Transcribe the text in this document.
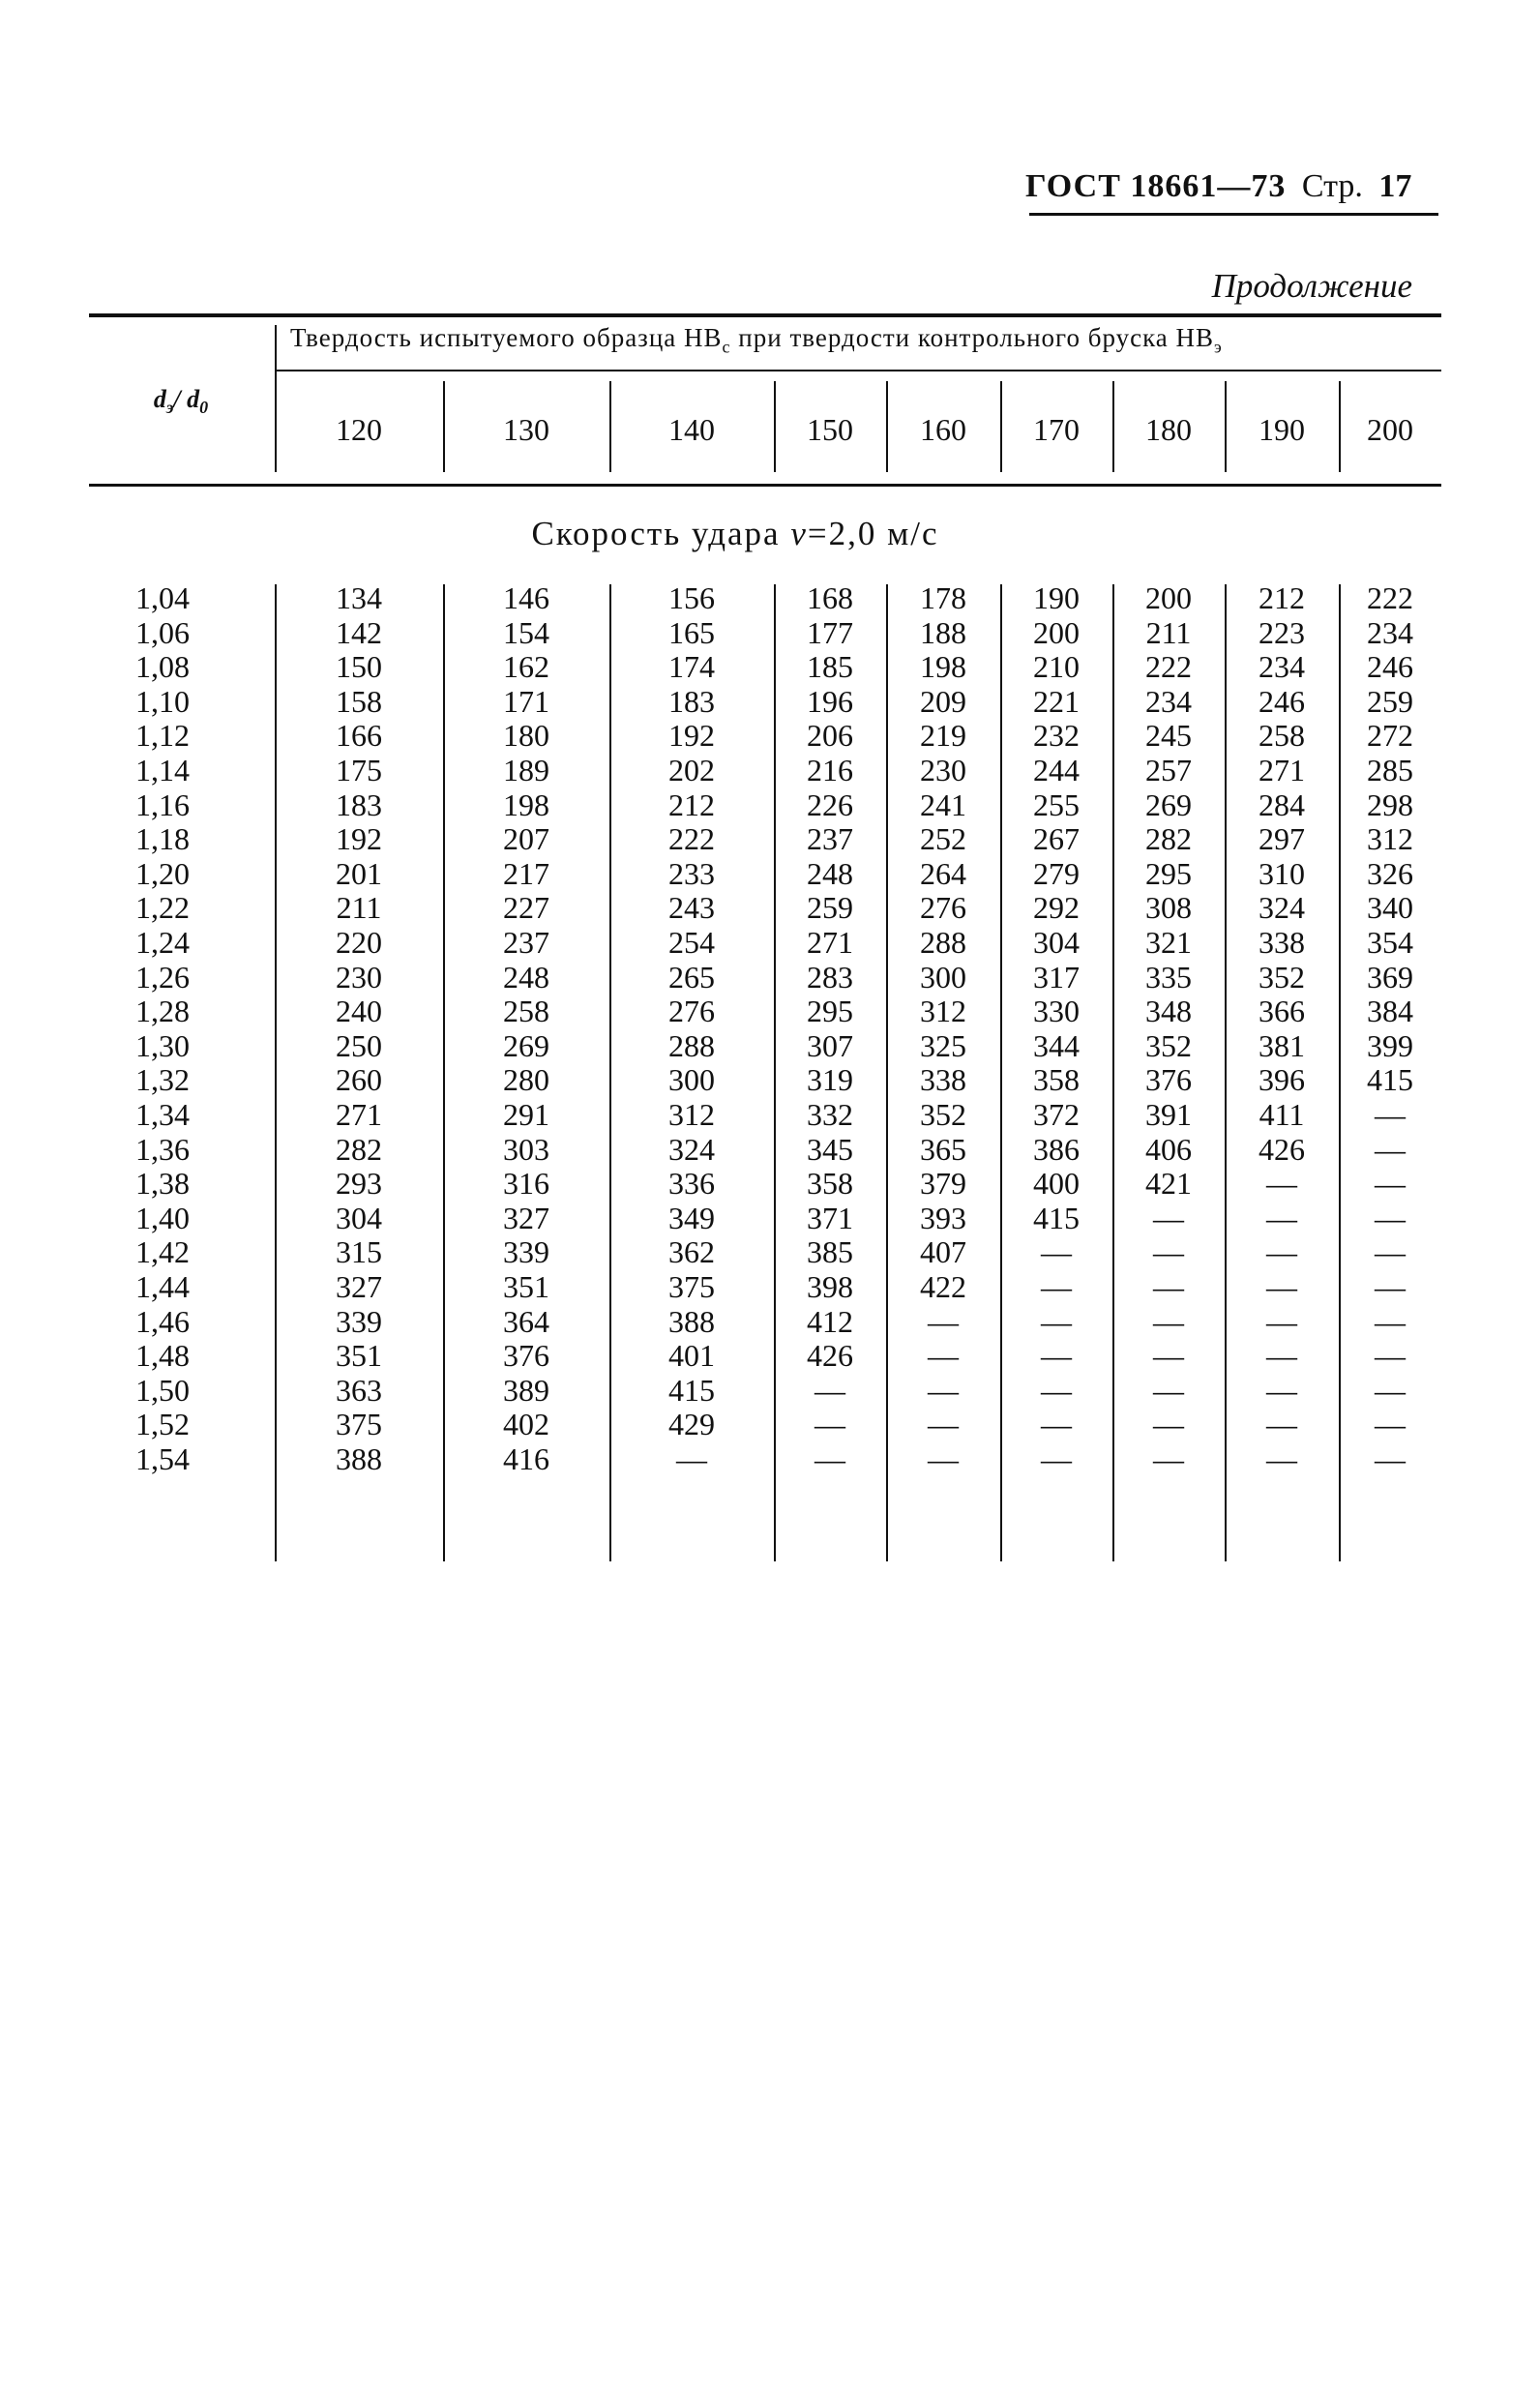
ГОСТ 18661—73 Стр. 17
Продолжение
$d_э/$ $d_0$
Твердость испытуемого образца $HB_c$ при твердости контрольного бруска $HB_э$
120	130	140	150	160	170	180	190	200
Скорость удара v=2,0 м/с
1,04	134	146	156	168	178	190	200	212	222
1,06	142	154	165	177	188	200	211	223	234
1,08	150	162	174	185	198	210	222	234	246
1,10	158	171	183	196	209	221	234	246	259
1,12	166	180	192	206	219	232	245	258	272
1,14	175	189	202	216	230	244	257	271	285
1,16	183	198	212	226	241	255	269	284	298
1,18	192	207	222	237	252	267	282	297	312
1,20	201	217	233	248	264	279	295	310	326
1,22	211	227	243	259	276	292	308	324	340
1,24	220	237	254	271	288	304	321	338	354
1,26	230	248	265	283	300	317	335	352	369
1,28	240	258	276	295	312	330	348	366	384
1,30	250	269	288	307	325	344	352	381	399
1,32	260	280	300	319	338	358	376	396	415
1,34	271	291	312	332	352	372	391	411	—
1,36	282	303	324	345	365	386	406	426	—
1,38	293	316	336	358	379	400	421	—	—
1,40	304	327	349	371	393	415	—	—	—
1,42	315	339	362	385	407	—	—	—	—
1,44	327	351	375	398	422	—	—	—	—
1,46	339	364	388	412	—	—	—	—	—
1,48	351	376	401	426	—	—	—	—	—
1,50	363	389	415	—	—	—	—	—	—
1,52	375	402	429	—	—	—	—	—	—
1,54	388	416	—	—	—	—	—	—	—
